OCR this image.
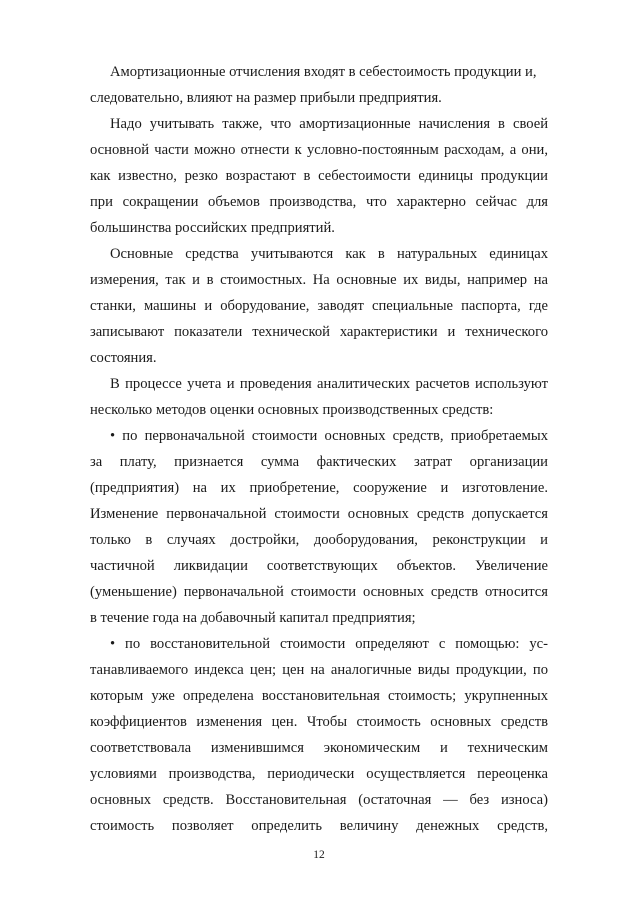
Амортизационные отчисления входят в себестоимость продукции и,
следовательно, влияют на размер прибыли предприятия.
Надо учитывать также, что амортизационные начисления в своей
основной части можно отнести к условно-постоянным расходам, а они,
как известно, резко возрастают в себестоимости единицы продукции
при сокращении объемов производства, что характерно сейчас для
большинства российских предприятий.
Основные средства учитываются как в натуральных единицах
измерения, так и в стоимостных. На основные их виды, например на
станки, машины и оборудование, заводят специальные паспорта, где
записывают показатели технической характеристики и технического
состояния.
В процессе учета и проведения аналитических расчетов используют
несколько методов оценки основных производственных средств:
• по первоначальной стоимости основных средств, приобретаемых
за плату, признается сумма фактических затрат организации
(предприятия) на их приобретение, сооружение и изготовление.
Изменение первоначальной стоимости основных средств допускается
только в случаях достройки, дооборудования, реконструкции и
частичной ликвидации соответствующих объектов. Увеличение
(уменьшение) первоначальной стоимости основных средств относится
в течение года на добавочный капитал предприятия;
• по восстановительной стоимости определяют с помощью: ус-
танавливаемого индекса цен; цен на аналогичные виды продукции, по
которым уже определена восстановительная стоимость; укрупненных
коэффициентов изменения цен. Чтобы стоимость основных средств
соответствовала изменившимся экономическим и техническим
условиями производства, периодически осуществляется переоценка
основных средств. Восстановительная (остаточная — без износа)
стоимость позволяет определить величину денежных средств,
12
